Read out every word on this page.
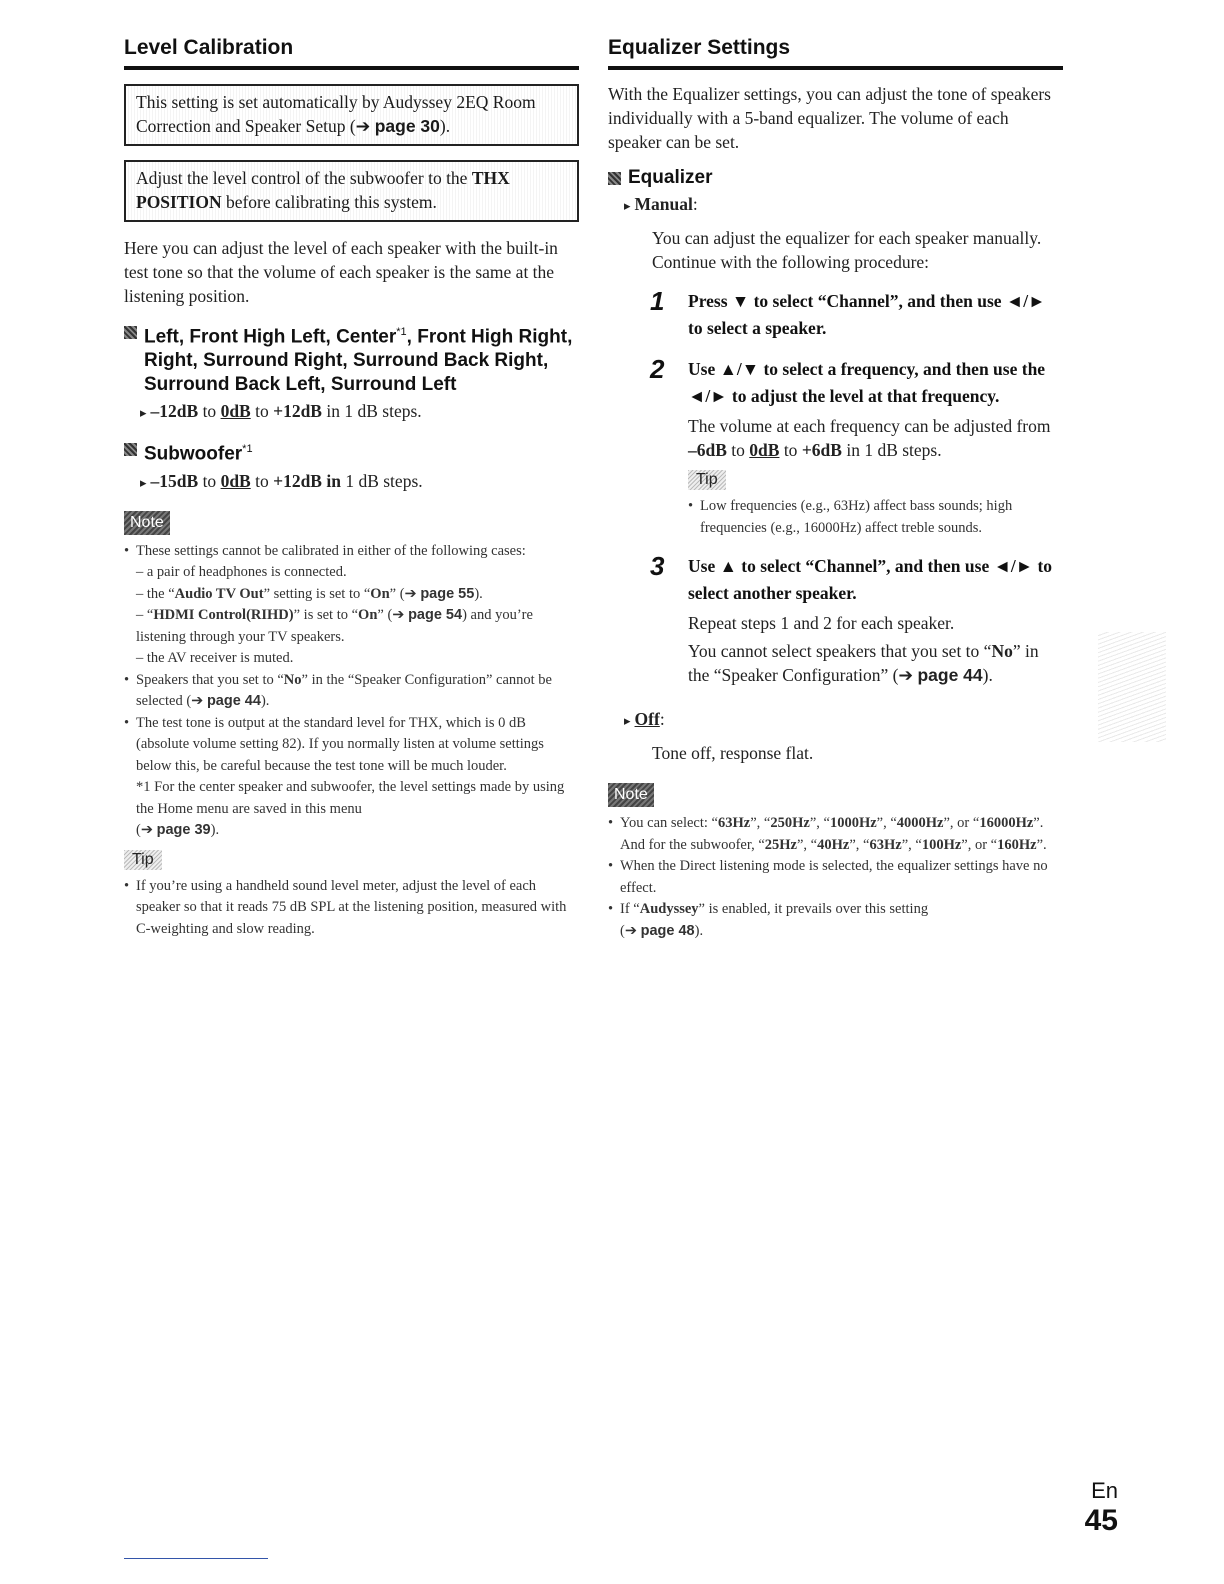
Level Calibration
This setting is set automatically by Audyssey 2EQ Room Correction and Speaker Setup (➔ page 30).
Adjust the level control of the subwoofer to the THX POSITION before calibrating this system.

Here you can adjust the level of each speaker with the built-in test tone so that the volume of each speaker is the same at the listening position.

Left, Front High Left, Center$^{*1}$, Front High Right, Right, Surround Right, Surround Back Right, Surround Back Left, Surround Left
▸ –12dB to 0dB to +12dB in 1 dB steps.
Subwoofer$^{*1}$
▸ –15dB to 0dB to +12dB in 1 dB steps.
Note
• These settings cannot be calibrated in either of the following cases:
– a pair of headphones is connected.
– the “Audio TV Out” setting is set to “On” (➔ page 55).
– “HDMI Control(RIHD)” is set to “On” (➔ page 54) and you’re listening through your TV speakers.
– the AV receiver is muted.
• Speakers that you set to “No” in the “Speaker Configuration” cannot be selected (➔ page 44).
• The test tone is output at the standard level for THX, which is 0 dB (absolute volume setting 82). If you normally listen at volume settings below this, be careful because the test tone will be much louder.
*1 For the center speaker and subwoofer, the level settings made by using the Home menu are saved in this menu
(➔ page 39).
Tip
• If you’re using a handheld sound level meter, adjust the level of each speaker so that it reads 75 dB SPL at the listening position, measured with C-weighting and slow reading.
Equalizer Settings

With the Equalizer settings, you can adjust the tone of speakers individually with a 5-band equalizer. The volume of each speaker can be set.

Equalizer
▸ Manual:

You can adjust the equalizer for each speaker manually. Continue with the following procedure:

1 Press ▼ to select “Channel”, and then use ◄/► to select a speaker.
2 Use ▲/▼ to select a frequency, and then use the ◄/► to adjust the level at that frequency.
The volume at each frequency can be adjusted from –6dB to 0dB to +6dB in 1 dB steps.
Tip
• Low frequencies (e.g., 63Hz) affect bass sounds; high frequencies (e.g., 16000Hz) affect treble sounds.
3 Use ▲ to select “Channel”, and then use ◄/► to select another speaker.
Repeat steps 1 and 2 for each speaker.
You cannot select speakers that you set to “No” in the “Speaker Configuration” (➔ page 44).
▸ Off:

Tone off, response flat.

Note
• You can select: “63Hz”, “250Hz”, “1000Hz”, “4000Hz”, or “16000Hz”. And for the subwoofer, “25Hz”, “40Hz”, “63Hz”, “100Hz”, or “160Hz”.
• When the Direct listening mode is selected, the equalizer settings have no effect.
• If “Audyssey” is enabled, it prevails over this setting
(➔ page 48).
En
45
